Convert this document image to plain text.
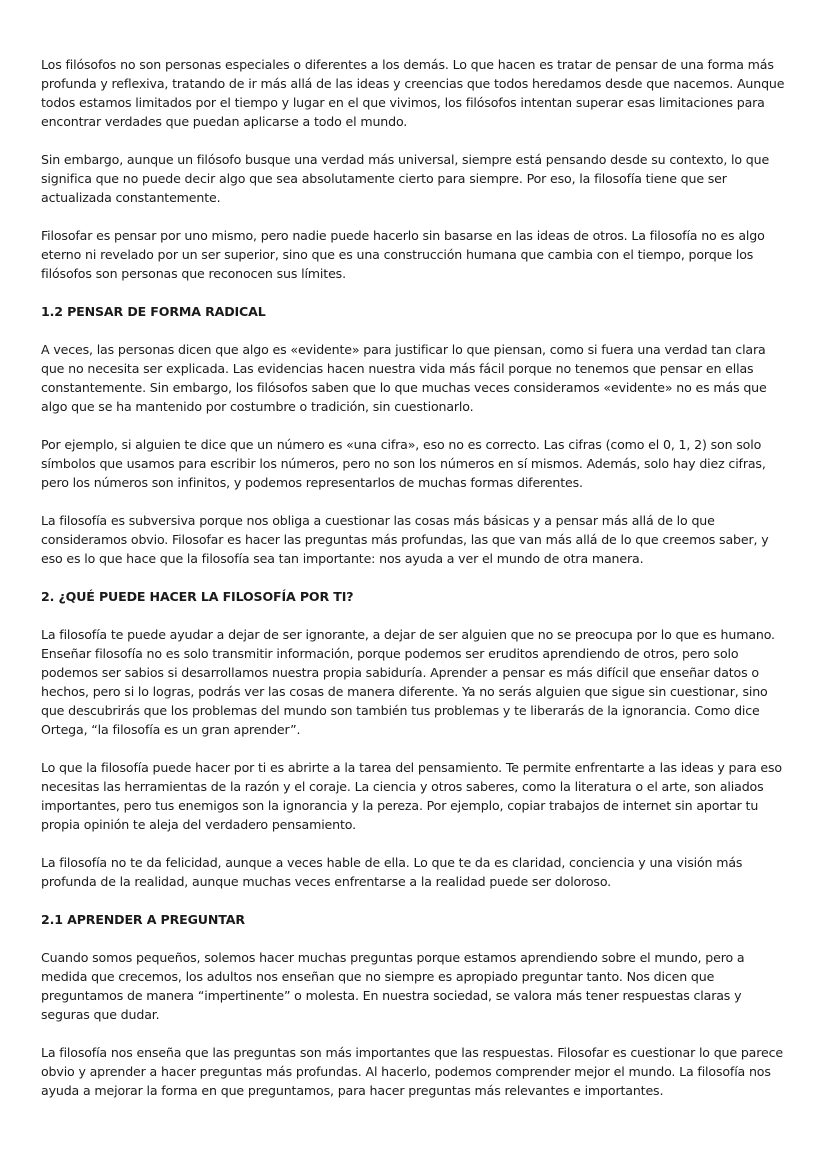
Los filósofos no son personas especiales o diferentes a los demás. Lo que hacen es tratar de pensar de una forma más profunda y reflexiva, tratando de ir más allá de las ideas y creencias que todos heredamos desde que nacemos. Aunque todos estamos limitados por el tiempo y lugar en el que vivimos, los filósofos intentan superar esas limitaciones para encontrar verdades que puedan aplicarse a todo el mundo.

Sin embargo, aunque un filósofo busque una verdad más universal, siempre está pensando desde su contexto, lo que significa que no puede decir algo que sea absolutamente cierto para siempre. Por eso, la filosofía tiene que ser actualizada constantemente.

Filosofar es pensar por uno mismo, pero nadie puede hacerlo sin basarse en las ideas de otros. La filosofía no es algo eterno ni revelado por un ser superior, sino que es una construcción humana que cambia con el tiempo, porque los filósofos son personas que reconocen sus límites.

1.2 PENSAR DE FORMA RADICAL

A veces, las personas dicen que algo es «evidente» para justificar lo que piensan, como si fuera una verdad tan clara que no necesita ser explicada. Las evidencias hacen nuestra vida más fácil porque no tenemos que pensar en ellas constantemente. Sin embargo, los filósofos saben que lo que muchas veces consideramos «evidente» no es más que algo que se ha mantenido por costumbre o tradición, sin cuestionarlo.

Por ejemplo, si alguien te dice que un número es «una cifra», eso no es correcto. Las cifras (como el 0, 1, 2) son solo símbolos que usamos para escribir los números, pero no son los números en sí mismos. Además, solo hay diez cifras, pero los números son infinitos, y podemos representarlos de muchas formas diferentes.

La filosofía es subversiva porque nos obliga a cuestionar las cosas más básicas y a pensar más allá de lo que consideramos obvio. Filosofar es hacer las preguntas más profundas, las que van más allá de lo que creemos saber, y eso es lo que hace que la filosofía sea tan importante: nos ayuda a ver el mundo de otra manera.

2. ¿QUÉ PUEDE HACER LA FILOSOFÍA POR TI?

La filosofía te puede ayudar a dejar de ser ignorante, a dejar de ser alguien que no se preocupa por lo que es humano. Enseñar filosofía no es solo transmitir información, porque podemos ser eruditos aprendiendo de otros, pero solo podemos ser sabios si desarrollamos nuestra propia sabiduría. Aprender a pensar es más difícil que enseñar datos o hechos, pero si lo logras, podrás ver las cosas de manera diferente. Ya no serás alguien que sigue sin cuestionar, sino que descubrirás que los problemas del mundo son también tus problemas y te liberarás de la ignorancia. Como dice Ortega, “la filosofía es un gran aprender”.

Lo que la filosofía puede hacer por ti es abrirte a la tarea del pensamiento. Te permite enfrentarte a las ideas y para eso necesitas las herramientas de la razón y el coraje. La ciencia y otros saberes, como la literatura o el arte, son aliados importantes, pero tus enemigos son la ignorancia y la pereza. Por ejemplo, copiar trabajos de internet sin aportar tu propia opinión te aleja del verdadero pensamiento.

La filosofía no te da felicidad, aunque a veces hable de ella. Lo que te da es claridad, conciencia y una visión más profunda de la realidad, aunque muchas veces enfrentarse a la realidad puede ser doloroso.

2.1 APRENDER A PREGUNTAR

Cuando somos pequeños, solemos hacer muchas preguntas porque estamos aprendiendo sobre el mundo, pero a medida que crecemos, los adultos nos enseñan que no siempre es apropiado preguntar tanto. Nos dicen que preguntamos de manera “impertinente” o molesta. En nuestra sociedad, se valora más tener respuestas claras y seguras que dudar.

La filosofía nos enseña que las preguntas son más importantes que las respuestas. Filosofar es cuestionar lo que parece obvio y aprender a hacer preguntas más profundas. Al hacerlo, podemos comprender mejor el mundo. La filosofía nos ayuda a mejorar la forma en que preguntamos, para hacer preguntas más relevantes e importantes.
